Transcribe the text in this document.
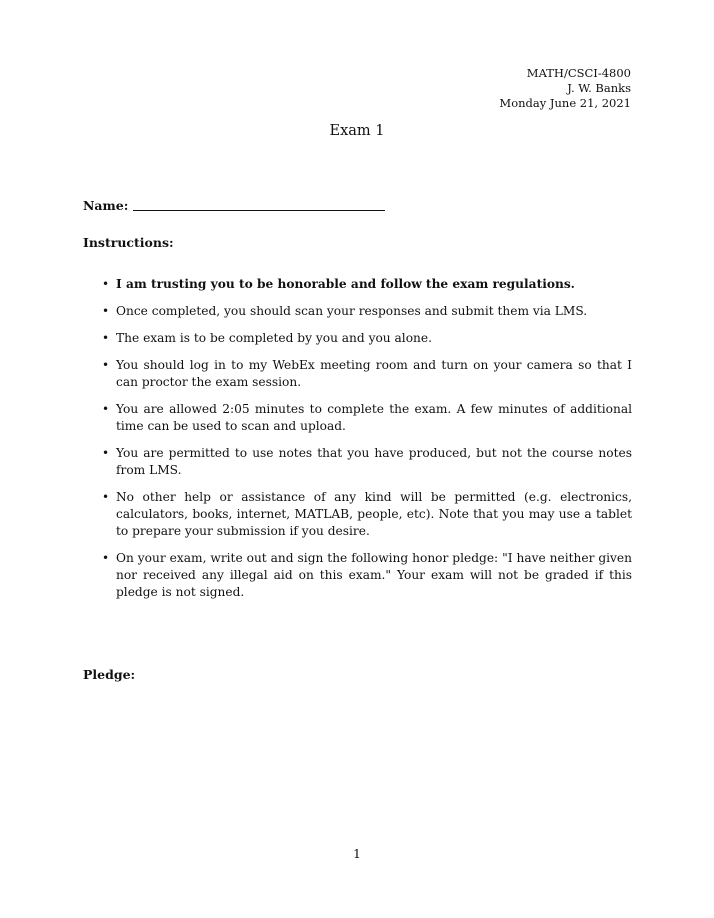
MATH/CSCI-4800
J. W. Banks
Monday June 21, 2021
Exam 1
Name:
Instructions:
• I am trusting you to be honorable and follow the exam regulations.
• Once completed, you should scan your responses and submit them via LMS.
• The exam is to be completed by you and you alone.
• You should log in to my WebEx meeting room and turn on your camera so that I can proctor the exam session.
• You are allowed 2:05 minutes to complete the exam. A few minutes of additional time can be used to scan and upload.
• You are permitted to use notes that you have produced, but not the course notes from LMS.
• No other help or assistance of any kind will be permitted (e.g. electronics, calculators, books, internet, MATLAB, people, etc). Note that you may use a tablet to prepare your submission if you desire.
• On your exam, write out and sign the following honor pledge: "I have neither given nor received any illegal aid on this exam." Your exam will not be graded if this pledge is not signed.
Pledge:
1
